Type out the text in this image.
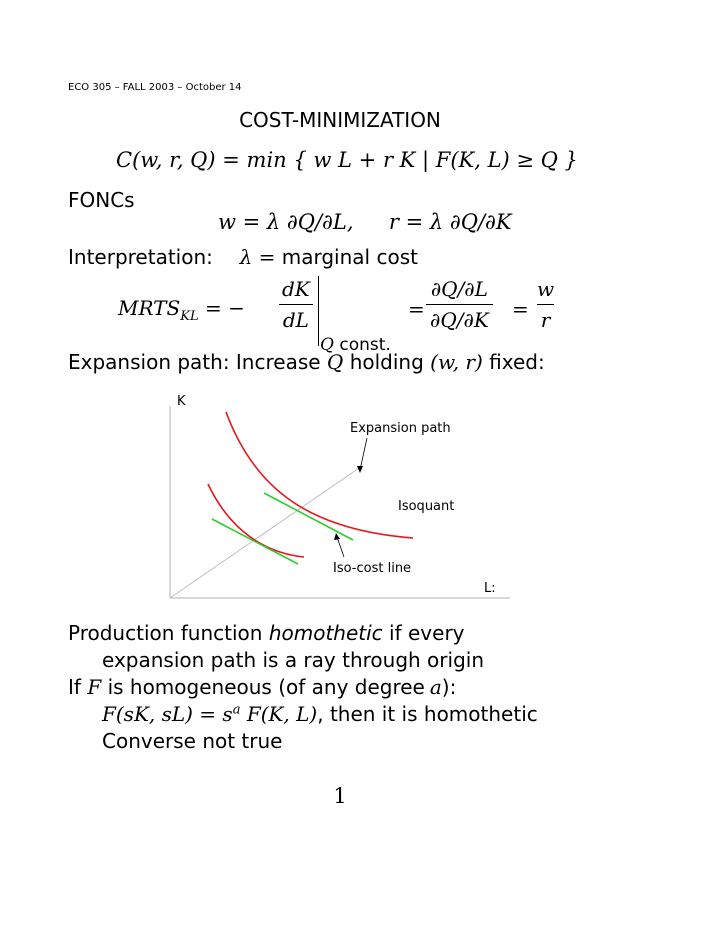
ECO 305 – FALL 2003 – October 14
COST-MINIMIZATION
C(w, r, Q) = min { w L + r K | F(K, L) ≥ Q }
FONCs
w = λ ∂Q/∂L, r = λ ∂Q/∂K
Interpretation: λ = marginal cost
$MRTS_{KL}$ = − $\frac{dK}{dL}$
Q const.
= $\frac{\partial Q/\partial L}{\partial Q/\partial K} = \frac{w}{r}$
Expansion path: Increase Q holding (w, r) fixed:
K
L:
Expansion path
Isoquant
Iso-cost line
Production function homothetic if every
expansion path is a ray through origin
If F is homogeneous (of any degree a):
F(sK, $sL) = s^a$ F(K, L), then it is homothetic
Converse not true
1
